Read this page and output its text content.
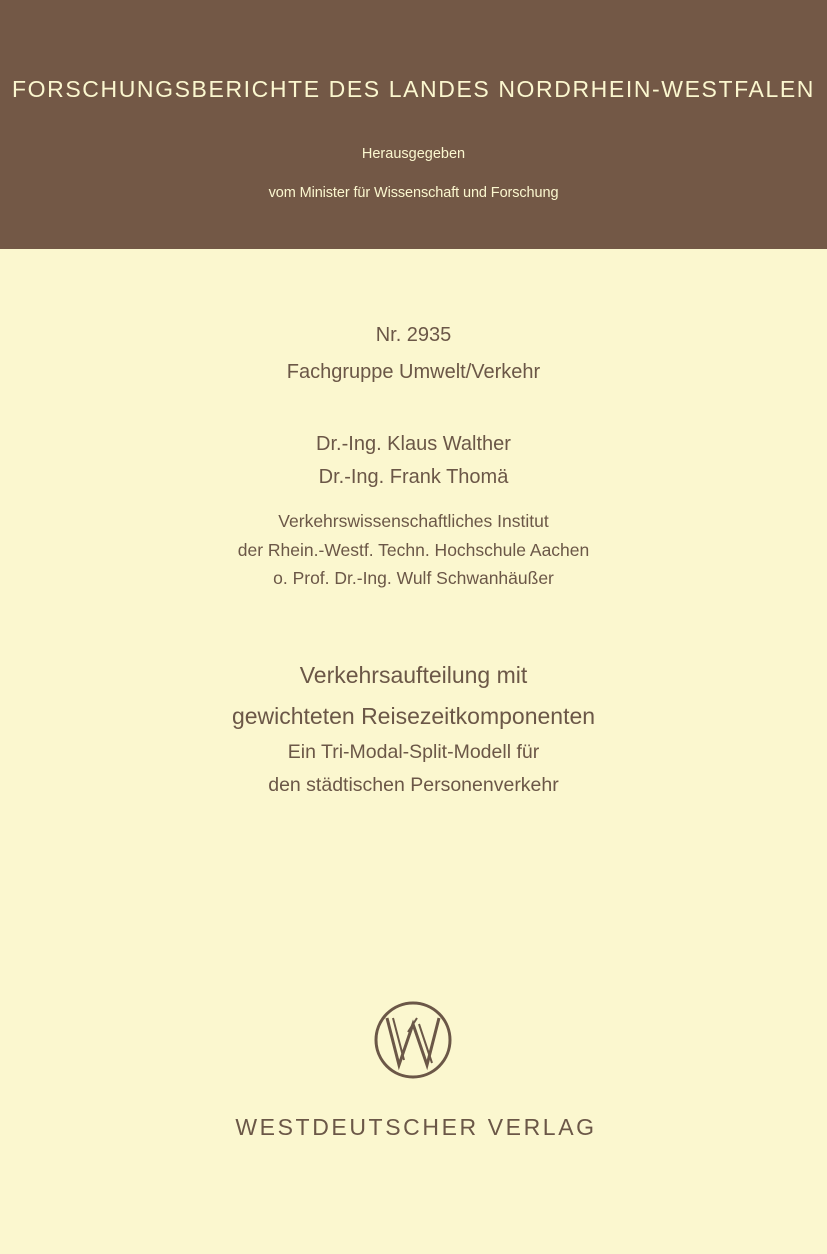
FORSCHUNGSBERICHTE DES LANDES NORDRHEIN-WESTFALEN
Herausgegeben
vom Minister für Wissenschaft und Forschung
Nr. 2935
Fachgruppe Umwelt/Verkehr
Dr.-Ing. Klaus Walther
Dr.-Ing. Frank Thomä
Verkehrswissenschaftliches Institut
der Rhein.-Westf. Techn. Hochschule Aachen
o. Prof. Dr.-Ing. Wulf Schwanhäußer
Verkehrsaufteilung mit
gewichteten Reisezeitkomponenten
Ein Tri-Modal-Split-Modell für
den städtischen Personenverkehr
WESTDEUTSCHER VERLAG
